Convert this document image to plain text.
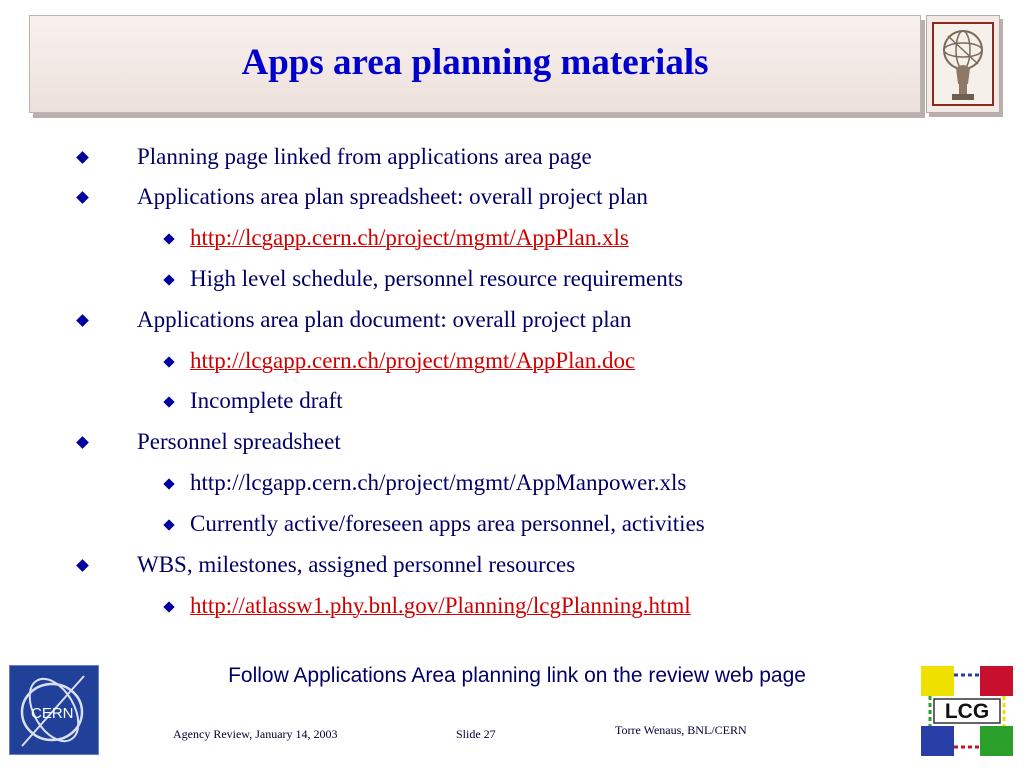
Apps area planning materials
Planning page linked from applications area page
Applications area plan spreadsheet: overall project plan
http://lcgapp.cern.ch/project/mgmt/AppPlan.xls
High level schedule, personnel resource requirements
Applications area plan document: overall project plan
http://lcgapp.cern.ch/project/mgmt/AppPlan.doc
Incomplete draft
Personnel spreadsheet
http://lcgapp.cern.ch/project/mgmt/AppManpower.xls
Currently active/foreseen apps area personnel, activities
WBS, milestones, assigned personnel resources
http://atlassw1.phy.bnl.gov/Planning/lcgPlanning.html
Follow Applications Area planning link on the review web page
CERN	LCG
Agency Review, January 14, 2003	Slide 27	Torre Wenaus, BNL/CERN
